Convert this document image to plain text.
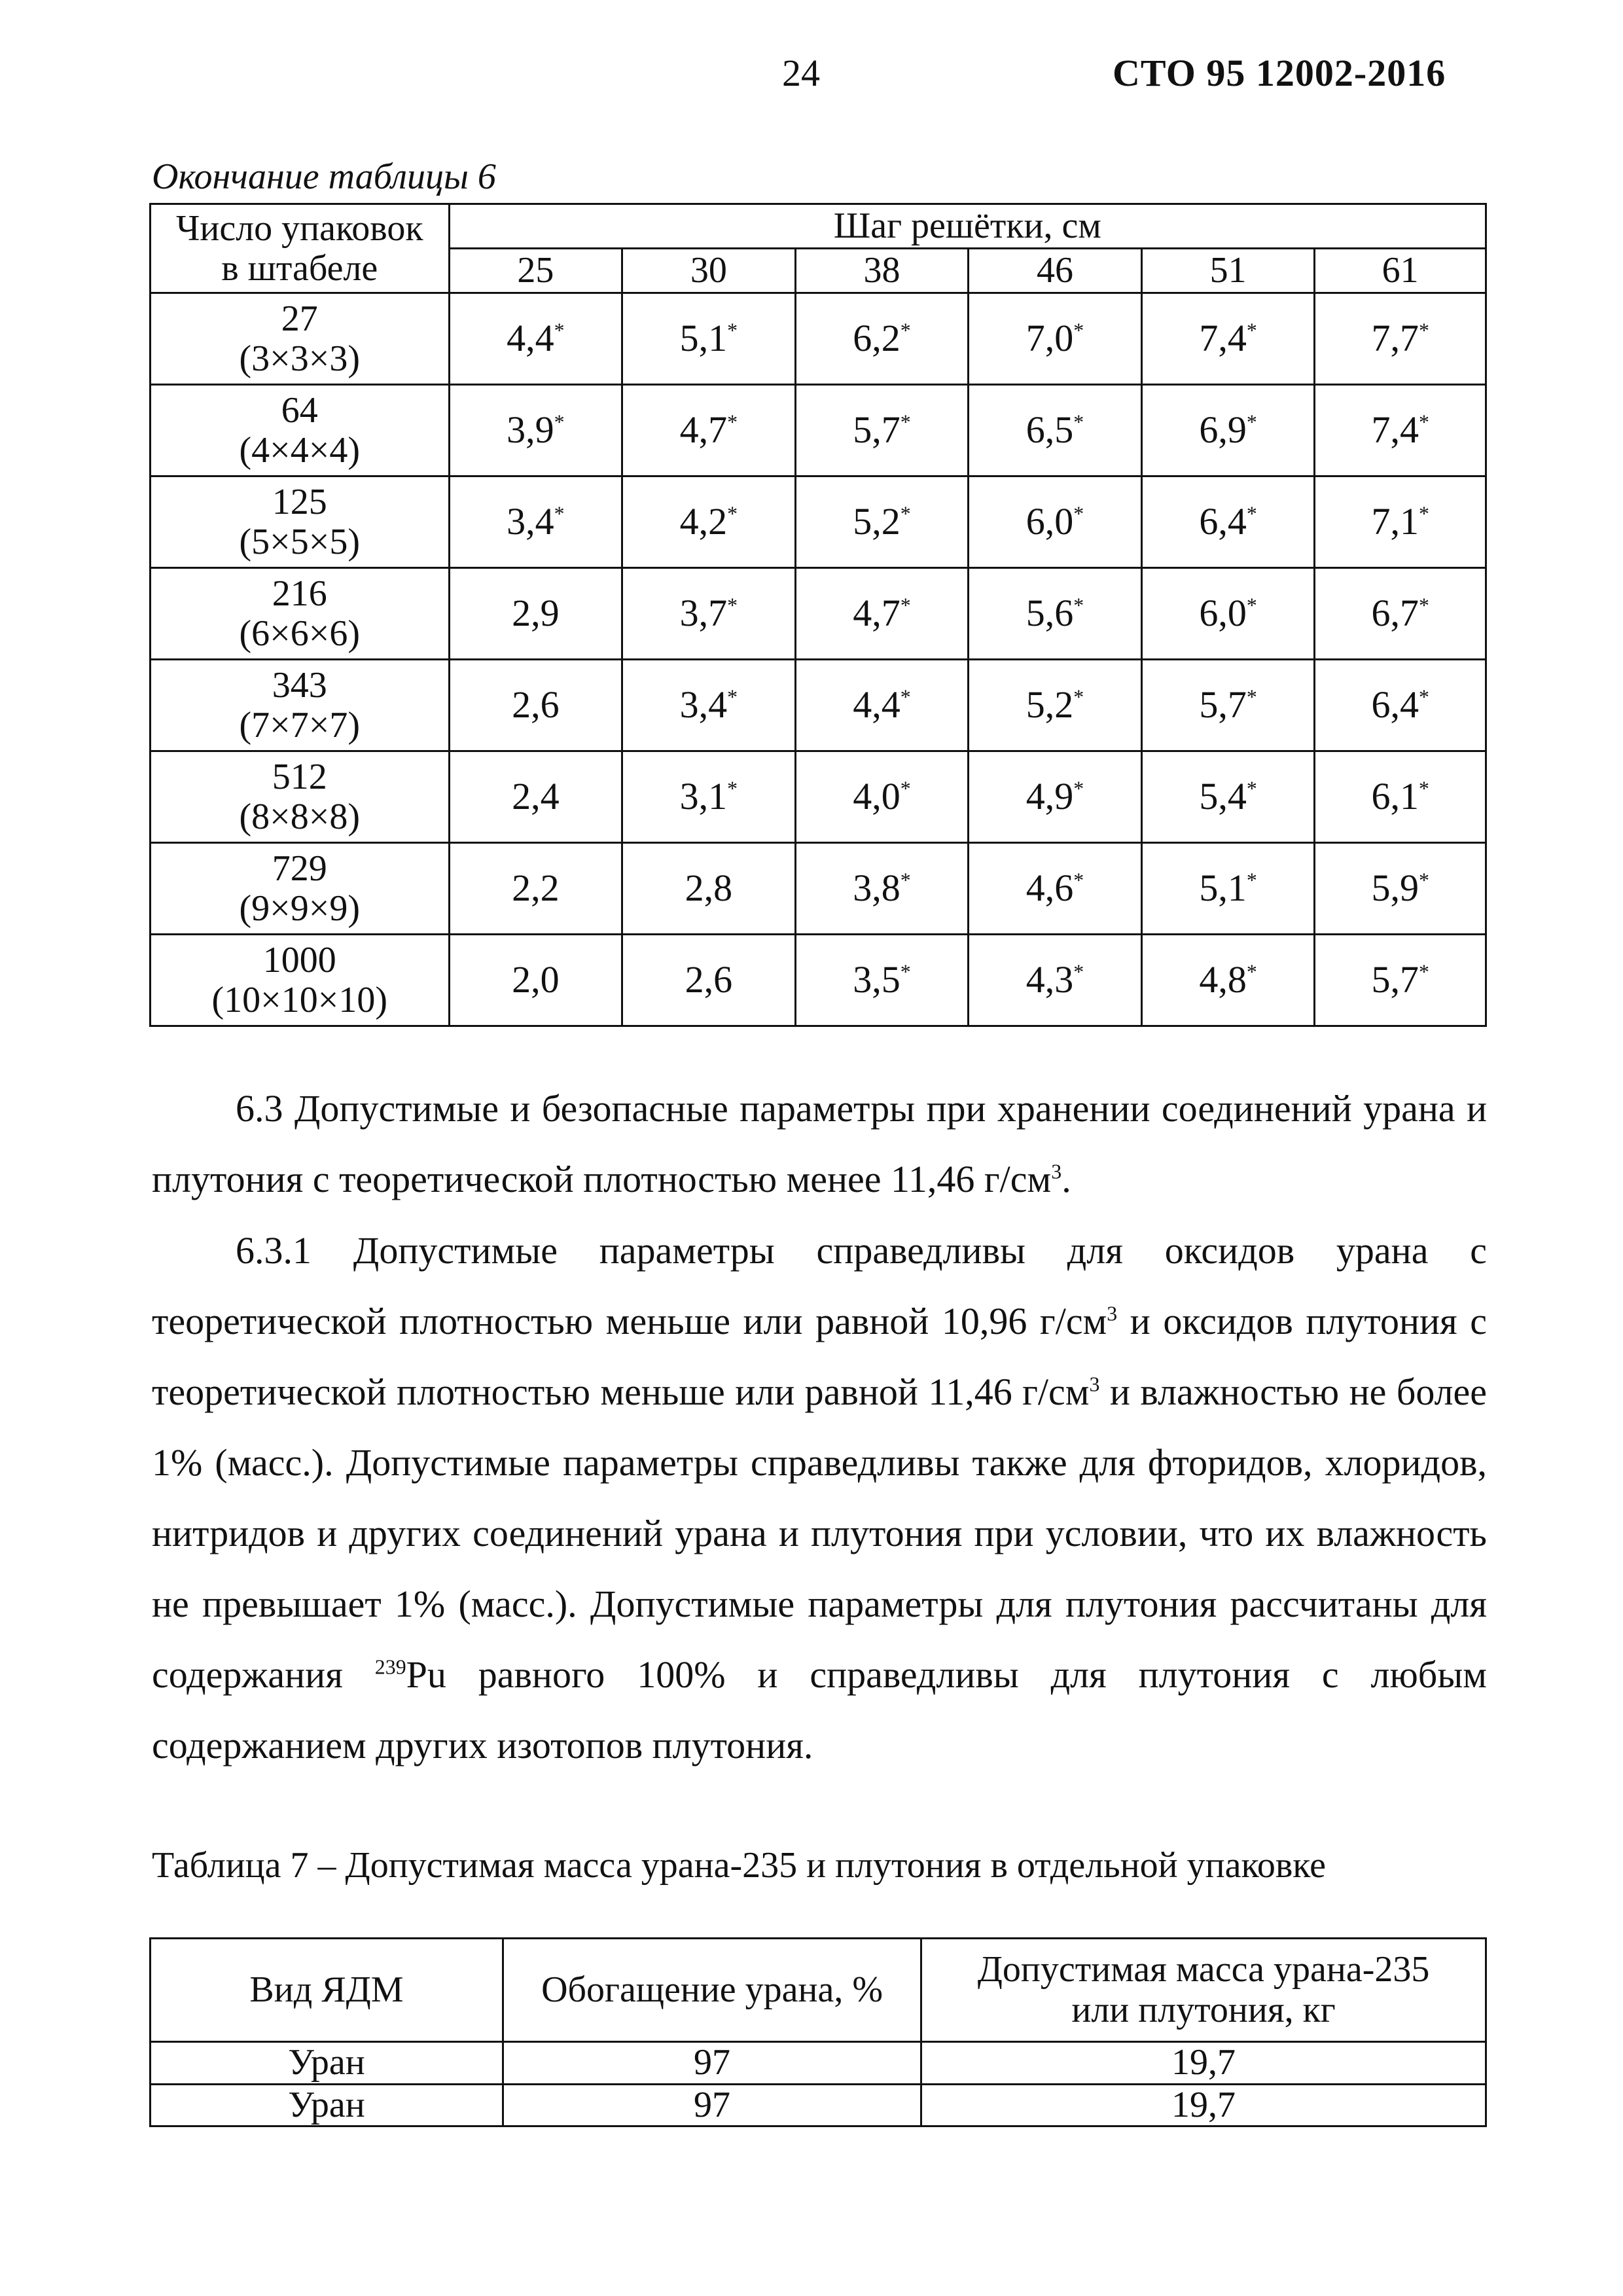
24	СТО 95 12002-2016
Окончание таблицы 6
Число упаковок
в штабеле	Шаг решётки, см					
	25	30	38	46	51	61

27
(3×3×3)	4,4*	5,1*	6,2*	7,0*	7,4*	7,7*

64
(4×4×4)	3,9*	4,7*	5,7*	6,5*	6,9*	7,4*

125
(5×5×5)	3,4*	4,2*	5,2*	6,0*	6,4*	7,1*

216
(6×6×6)	2,9	3,7*	4,7*	5,6*	6,0*	6,7*

343
(7×7×7)	2,6	3,4*	4,4*	5,2*	5,7*	6,4*

512
(8×8×8)	2,4	3,1*	4,0*	4,9*	5,4*	6,1*

729
(9×9×9)	2,2	2,8	3,8*	4,6*	5,1*	5,9*

1000
(10×10×10)	2,0	2,6	3,5*	4,3*	4,8*	5,7*
6.3 Допустимые и безопасные параметры при хранении соединений урана и плутония с теоретической плотностью менее 11,46 $г/см^3$.
6.3.1 Допустимые параметры справедливы для оксидов урана с теоретической плотностью меньше или равной 10,96 $г/см^3$ и оксидов плутония с теоретической плотностью меньше или равной 11,46 $г/см^3$ и влажностью не более 1% (масс.). Допустимые параметры справедливы также для фторидов, хлоридов, нитридов и других соединений урана и плутония при условии, что их влажность не превышает 1% (масс.). Допустимые параметры для плутония рассчитаны для содержания $^{239}$Pu равного 100% и справедливы для плутония с любым содержанием других изотопов плутония.
Таблица 7 – Допустимая масса урана-235 и плутония в отдельной упаковке
Вид ЯДМ	Обогащение урана, %	Допустимая масса урана-235 или плутония, кг
Уран	97	19,7
Уран	97	19,7
